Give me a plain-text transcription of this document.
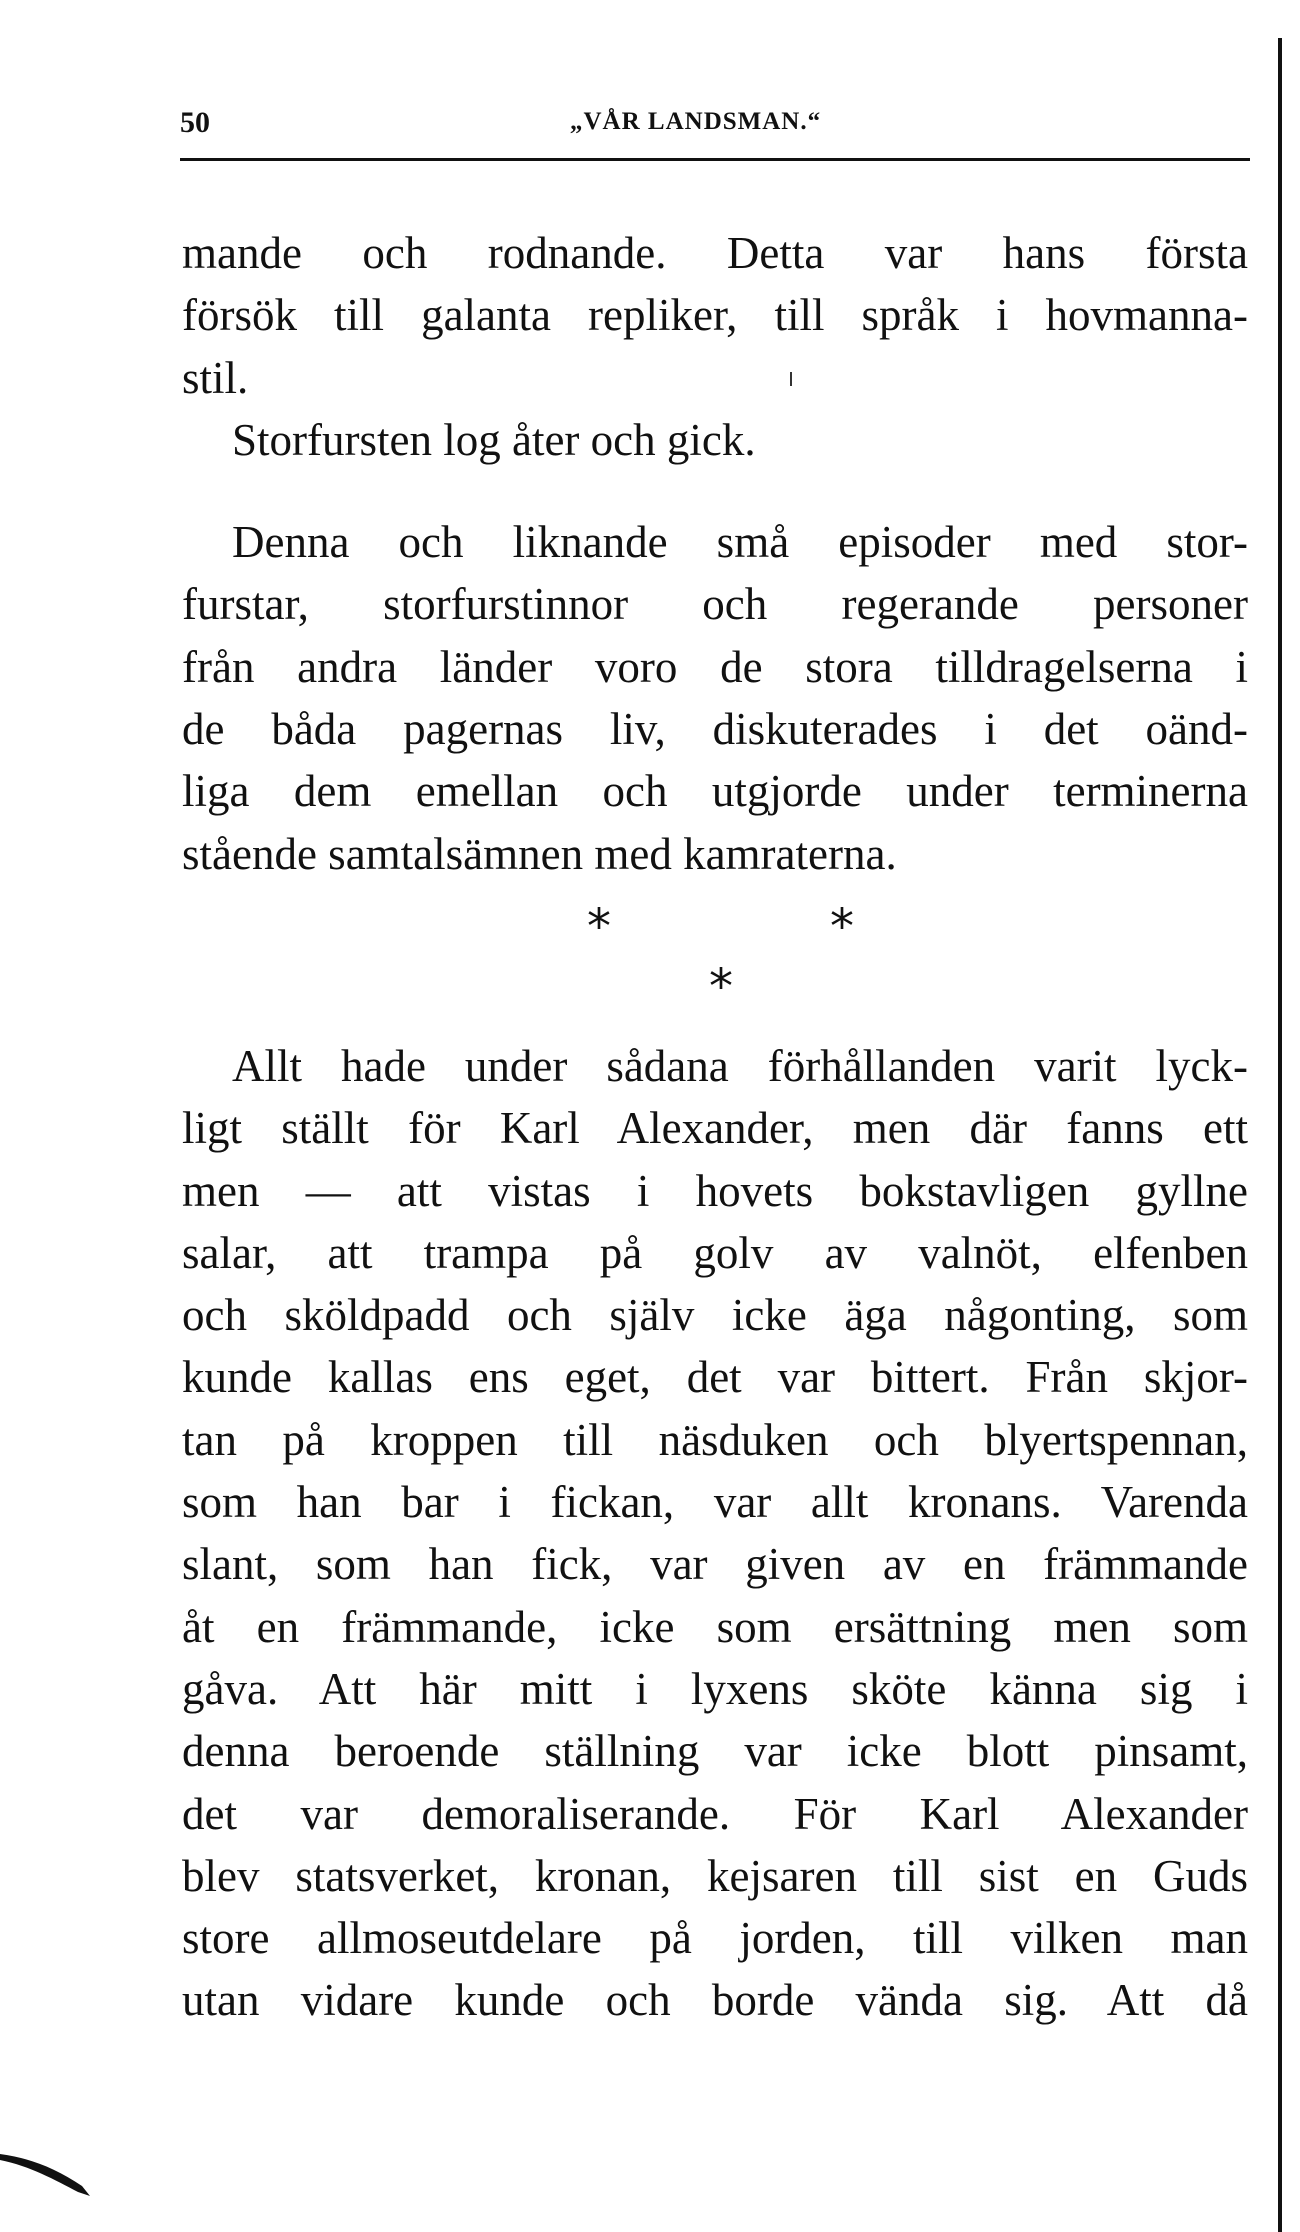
50	„VÅR LANDSMAN.“
mande och rodnande. Detta var hans första
försök till galanta repliker, till språk i hovmanna-
stil.
Storfursten log åter och gick.
Denna och liknande små episoder med stor-
furstar, storfurstinnor och regerande personer
från andra länder voro de stora tilldragelserna i
de båda pagernas liv, diskuterades i det oänd-
liga dem emellan och utgjorde under terminerna
stående samtalsämnen med kamraterna.
*	*
*
Allt hade under sådana förhållanden varit lyck-
ligt ställt för Karl Alexander, men där fanns ett
men — att vistas i hovets bokstavligen gyllne
salar, att trampa på golv av valnöt, elfenben
och sköldpadd och själv icke äga någonting, som
kunde kallas ens eget, det var bittert. Från skjor-
tan på kroppen till näsduken och blyertspennan,
som han bar i fickan, var allt kronans. Varenda
slant, som han fick, var given av en främmande
åt en främmande, icke som ersättning men som
gåva. Att här mitt i lyxens sköte känna sig i
denna beroende ställning var icke blott pinsamt,
det var demoraliserande. För Karl Alexander
blev statsverket, kronan, kejsaren till sist en Guds
store allmoseutdelare på jorden, till vilken man
utan vidare kunde och borde vända sig. Att då
